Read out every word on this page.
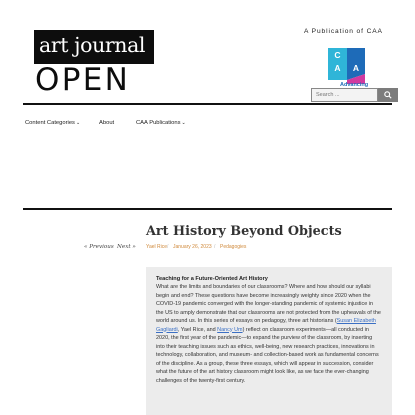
art journal
OPEN
A Publication of CAA
C
A A
Advancing
Search ...
Content Categories⌄	About	CAA Publications⌄
Art History Beyond Objects
« Previous Next » Yael Rice / January 26, 2023 / Pedagogies
Teaching for a Future-Oriented Art History

What are the limits and boundaries of our classrooms? Where and how should our syllabi begin and end? These questions have become increasingly weighty since 2020 when the COVID-19 pandemic converged with the longer-standing pandemic of systemic injustice in the US to amply demonstrate that our classrooms are not protected from the upheavals of the world around us. In this series of essays on pedagogy, three art historians (Susan Elizabeth Gagliardi, Yael Rice, and Nancy Um) reflect on classroom experiments—all conducted in 2020, the first year of the pandemic—to expand the purview of the classroom, by inserting into their teaching issues such as ethics, well-being, new research practices, innovations in technology, collaboration, and museum- and collection-based work as fundamental concerns of the discipline. As a group, these three essays, which will appear in succession, consider what the future of the art history classroom might look like, as we face the ever-changing challenges of the twenty-first century.
